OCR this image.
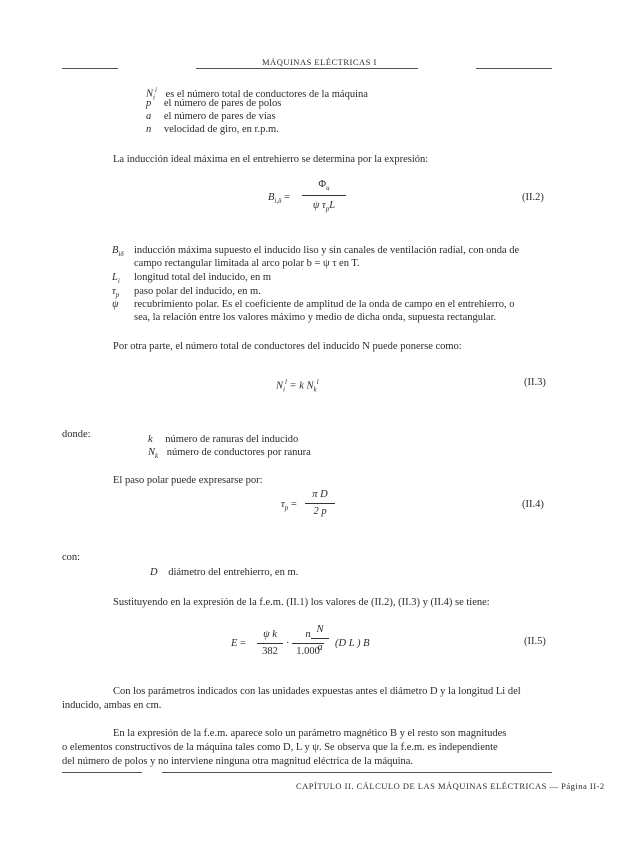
MÁQUINAS ELÉCTRICAS I
$N_i^i$ es el número total de conductores de la máquina
p el número de pares de polos
a el número de pares de vías
n velocidad de giro, en r.p.m.
La inducción ideal máxima en el entrehierro se determina por la expresión:
$B_{i,\delta}$ =
$\Phi_u$
ψ $\tau_pL$
(II.2)
$B_{i\delta}$ inducción máxima supuesto el inducido liso y sin canales de ventilación radial, con onda de
campo rectangular limitada al arco polar b = ψ τ en T.
$L_i$ longitud total del inducido, en m
$\tau_p$ paso polar del inducido, en m.
ψ recubrimiento polar. Es el coeficiente de amplitud de la onda de campo en el entrehierro, o
sea, la relación entre los valores máximo y medio de dicha onda, supuesta rectangular.
Por otra parte, el número total de conductores del inducido N puede ponerse como:
$N_i^l = k$ $N_k^l$	(II.3)
donde:	k número de ranuras del inducido
$N_k$ número de conductores por ranura
El paso polar puede expresarse por:
$\tau_p$ =
π D
2 p
(II.4)
con:
D diámetro del entrehierro, en m.
Sustituyendo en la expresión de la f.e.m. (II.1) los valores de (II.2), (II.3) y (II.4) se tiene:
E =
ψ k
382
·
n
1.000
N
a	(D L ) B	(II.5)
Con los parámetros indicados con las unidades expuestas antes el diámetro D y la longitud Li del
inducido, ambas en cm.
En la expresión de la f.e.m. aparece solo un parámetro magnético B y el resto son magnitudes
o elementos constructivos de la máquina tales como D, L y ψ. Se observa que la f.e.m. es independiente
del número de polos y no interviene ninguna otra magnitud eléctrica de la máquina.
CAPÍTULO II. CÁLCULO DE LAS MÁQUINAS ELÉCTRICAS — Página II-2
